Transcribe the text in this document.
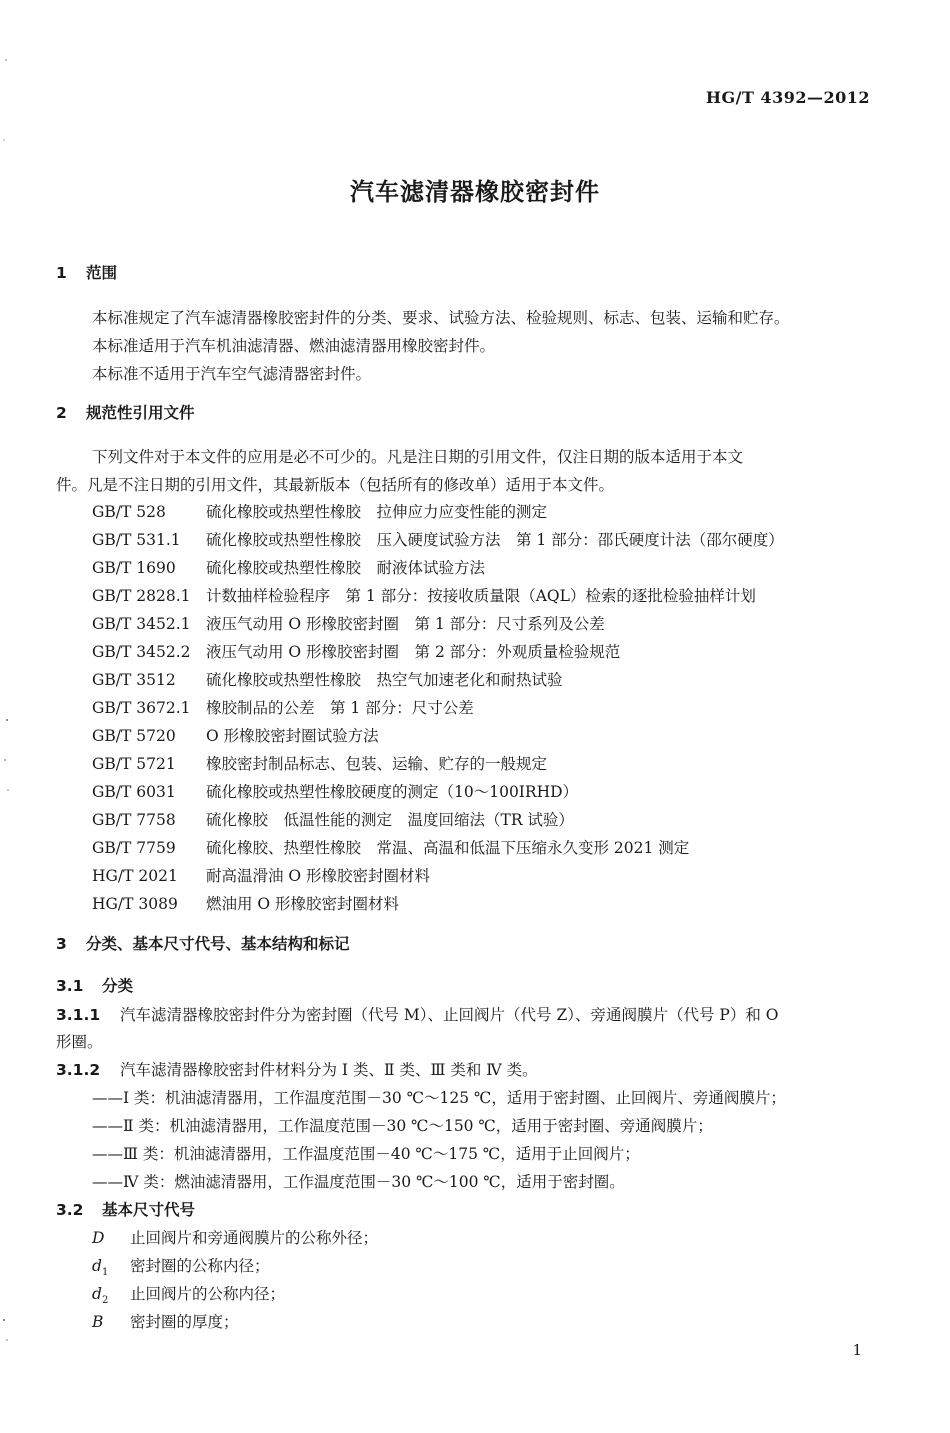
HG/T 4392—2012
汽车滤清器橡胶密封件
1 范围
本标准规定了汽车滤清器橡胶密封件的分类、要求、试验方法、检验规则、标志、包装、运输和贮存。
本标准适用于汽车机油滤清器、燃油滤清器用橡胶密封件。
本标准不适用于汽车空气滤清器密封件。
2 规范性引用文件
下列文件对于本文件的应用是必不可少的。凡是注日期的引用文件，仅注日期的版本适用于本文
件。凡是不注日期的引用文件，其最新版本（包括所有的修改单）适用于本文件。
GB/T 528	硫化橡胶或热塑性橡胶　拉伸应力应变性能的测定
GB/T 531.1 硫化橡胶或热塑性橡胶　压入硬度试验方法　第 1 部分：邵氏硬度计法（邵尔硬度）
GB/T 1690 硫化橡胶或热塑性橡胶　耐液体试验方法
GB/T 2828.1 计数抽样检验程序　第 1 部分：按接收质量限（AQL）检索的逐批检验抽样计划
GB/T 3452.1 液压气动用 O 形橡胶密封圈　第 1 部分：尺寸系列及公差
GB/T 3452.2 液压气动用 O 形橡胶密封圈　第 2 部分：外观质量检验规范
GB/T 3512 硫化橡胶或热塑性橡胶　热空气加速老化和耐热试验
GB/T 3672.1 橡胶制品的公差　第 1 部分：尺寸公差
GB/T 5720 O 形橡胶密封圈试验方法
GB/T 5721 橡胶密封制品标志、包装、运输、贮存的一般规定
GB/T 6031 硫化橡胶或热塑性橡胶硬度的测定（10～100IRHD）
GB/T 7758 硫化橡胶　低温性能的测定　温度回缩法（TR 试验）
GB/T 7759 硫化橡胶、热塑性橡胶　常温、高温和低温下压缩永久变形 2021 测定
HG/T 2021 耐高温滑油 O 形橡胶密封圈材料
HG/T 3089 燃油用 O 形橡胶密封圈材料
3 分类、基本尺寸代号、基本结构和标记
3.1 分类
3.1.1 汽车滤清器橡胶密封件分为密封圈（代号 M）、止回阀片（代号 Z）、旁通阀膜片（代号 P）和 O
形圈。
3.1.2 汽车滤清器橡胶密封件材料分为 Ⅰ 类、Ⅱ 类、Ⅲ 类和 Ⅳ 类。
——Ⅰ 类：机油滤清器用，工作温度范围－30 ℃～125 ℃，适用于密封圈、止回阀片、旁通阀膜片；
——Ⅱ 类：机油滤清器用，工作温度范围－30 ℃～150 ℃，适用于密封圈、旁通阀膜片；
——Ⅲ 类：机油滤清器用，工作温度范围－40 ℃～175 ℃，适用于止回阀片；
——Ⅳ 类：燃油滤清器用，工作温度范围－30 ℃～100 ℃，适用于密封圈。
3.2 基本尺寸代号
D 止回阀片和旁通阀膜片的公称外径；
$d_1$ 密封圈的公称内径；
$d_2$ 止回阀片的公称内径；
B 密封圈的厚度；
1
